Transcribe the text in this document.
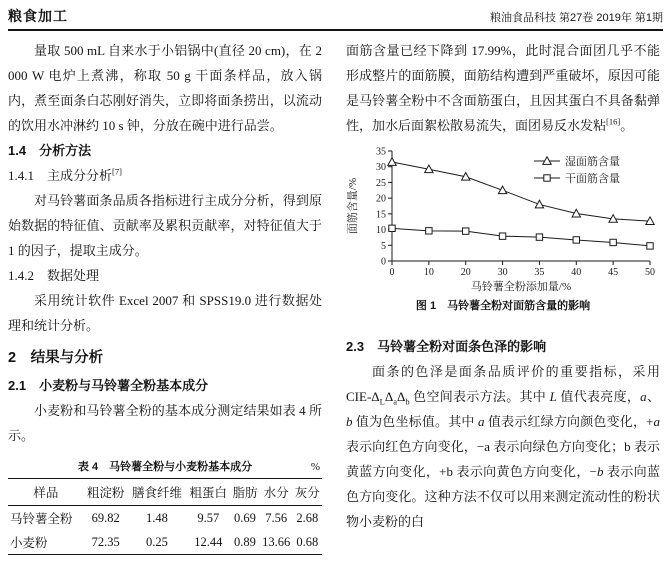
粮食加工	粮油食品科技 第27卷 2019年 第1期

量取 500 mL 自来水于小铝锅中(直径 20 cm)，在 2 000 W 电炉上煮沸，称取 50 g 干面条样品，放入锅内，煮至面条白芯刚好消失，立即将面条捞出，以流动的饮用水冲淋约 10 s 钟，分放在碗中进行品尝。

1.4　分析方法
1.4.1　主成分分析[7]

对马铃薯面条品质各指标进行主成分分析，得到原始数据的特征值、贡献率及累积贡献率，对特征值大于 1 的因子，提取主成分。

1.4.2　数据处理

采用统计软件 Excel 2007 和 SPSS19.0 进行数据处理和统计分析。

2　结果与分析
2.1　小麦粉与马铃薯全粉基本成分

小麦粉和马铃薯全粉的基本成分测定结果如表 4 所示。

表 4　马铃薯全粉与小麦粉基本成分	%
样品	粗淀粉	膳食纤维	粗蛋白	脂肪	水分	灰分
马铃薯全粉	69.82	1.48	9.57	0.69	7.56	2.68
小麦粉	72.35	0.25	12.44	0.89	13.66	0.68

面筋含量已经下降到 17.99%，此时混合面团几乎不能形成整片的面筋膜，面筋结构遭到严重破坏，原因可能是马铃薯全粉中不含面筋蛋白，且因其蛋白不具备黏弹性，加水后面絮松散易流失，面团易反水发粘[16]。

0
5
10
15
20
25
30
35
0	10	20	30	35	40	45	50
面筋含量/%
马铃薯全粉添加量/%
湿面筋含量
干面筋含量
图 1　马铃薯全粉对面筋含量的影响
2.3　马铃薯全粉对面条色泽的影响

面条的色泽是面条品质评价的重要指标，采用 CIE-$\Delta_L\Delta_a\Delta_b$ 色空间表示方法。其中 L 值代表亮度，a、b 值为色坐标值。其中 a 值表示红绿方向颜色变化，+a 表示向红色方向变化，−a 表示向绿色方向变化；b 表示黄蓝方向变化，+b 表示向黄色方向变化，−b 表示向蓝色方向变化。这种方法不仅可以用来测定流动性的粉状物小麦粉的白
